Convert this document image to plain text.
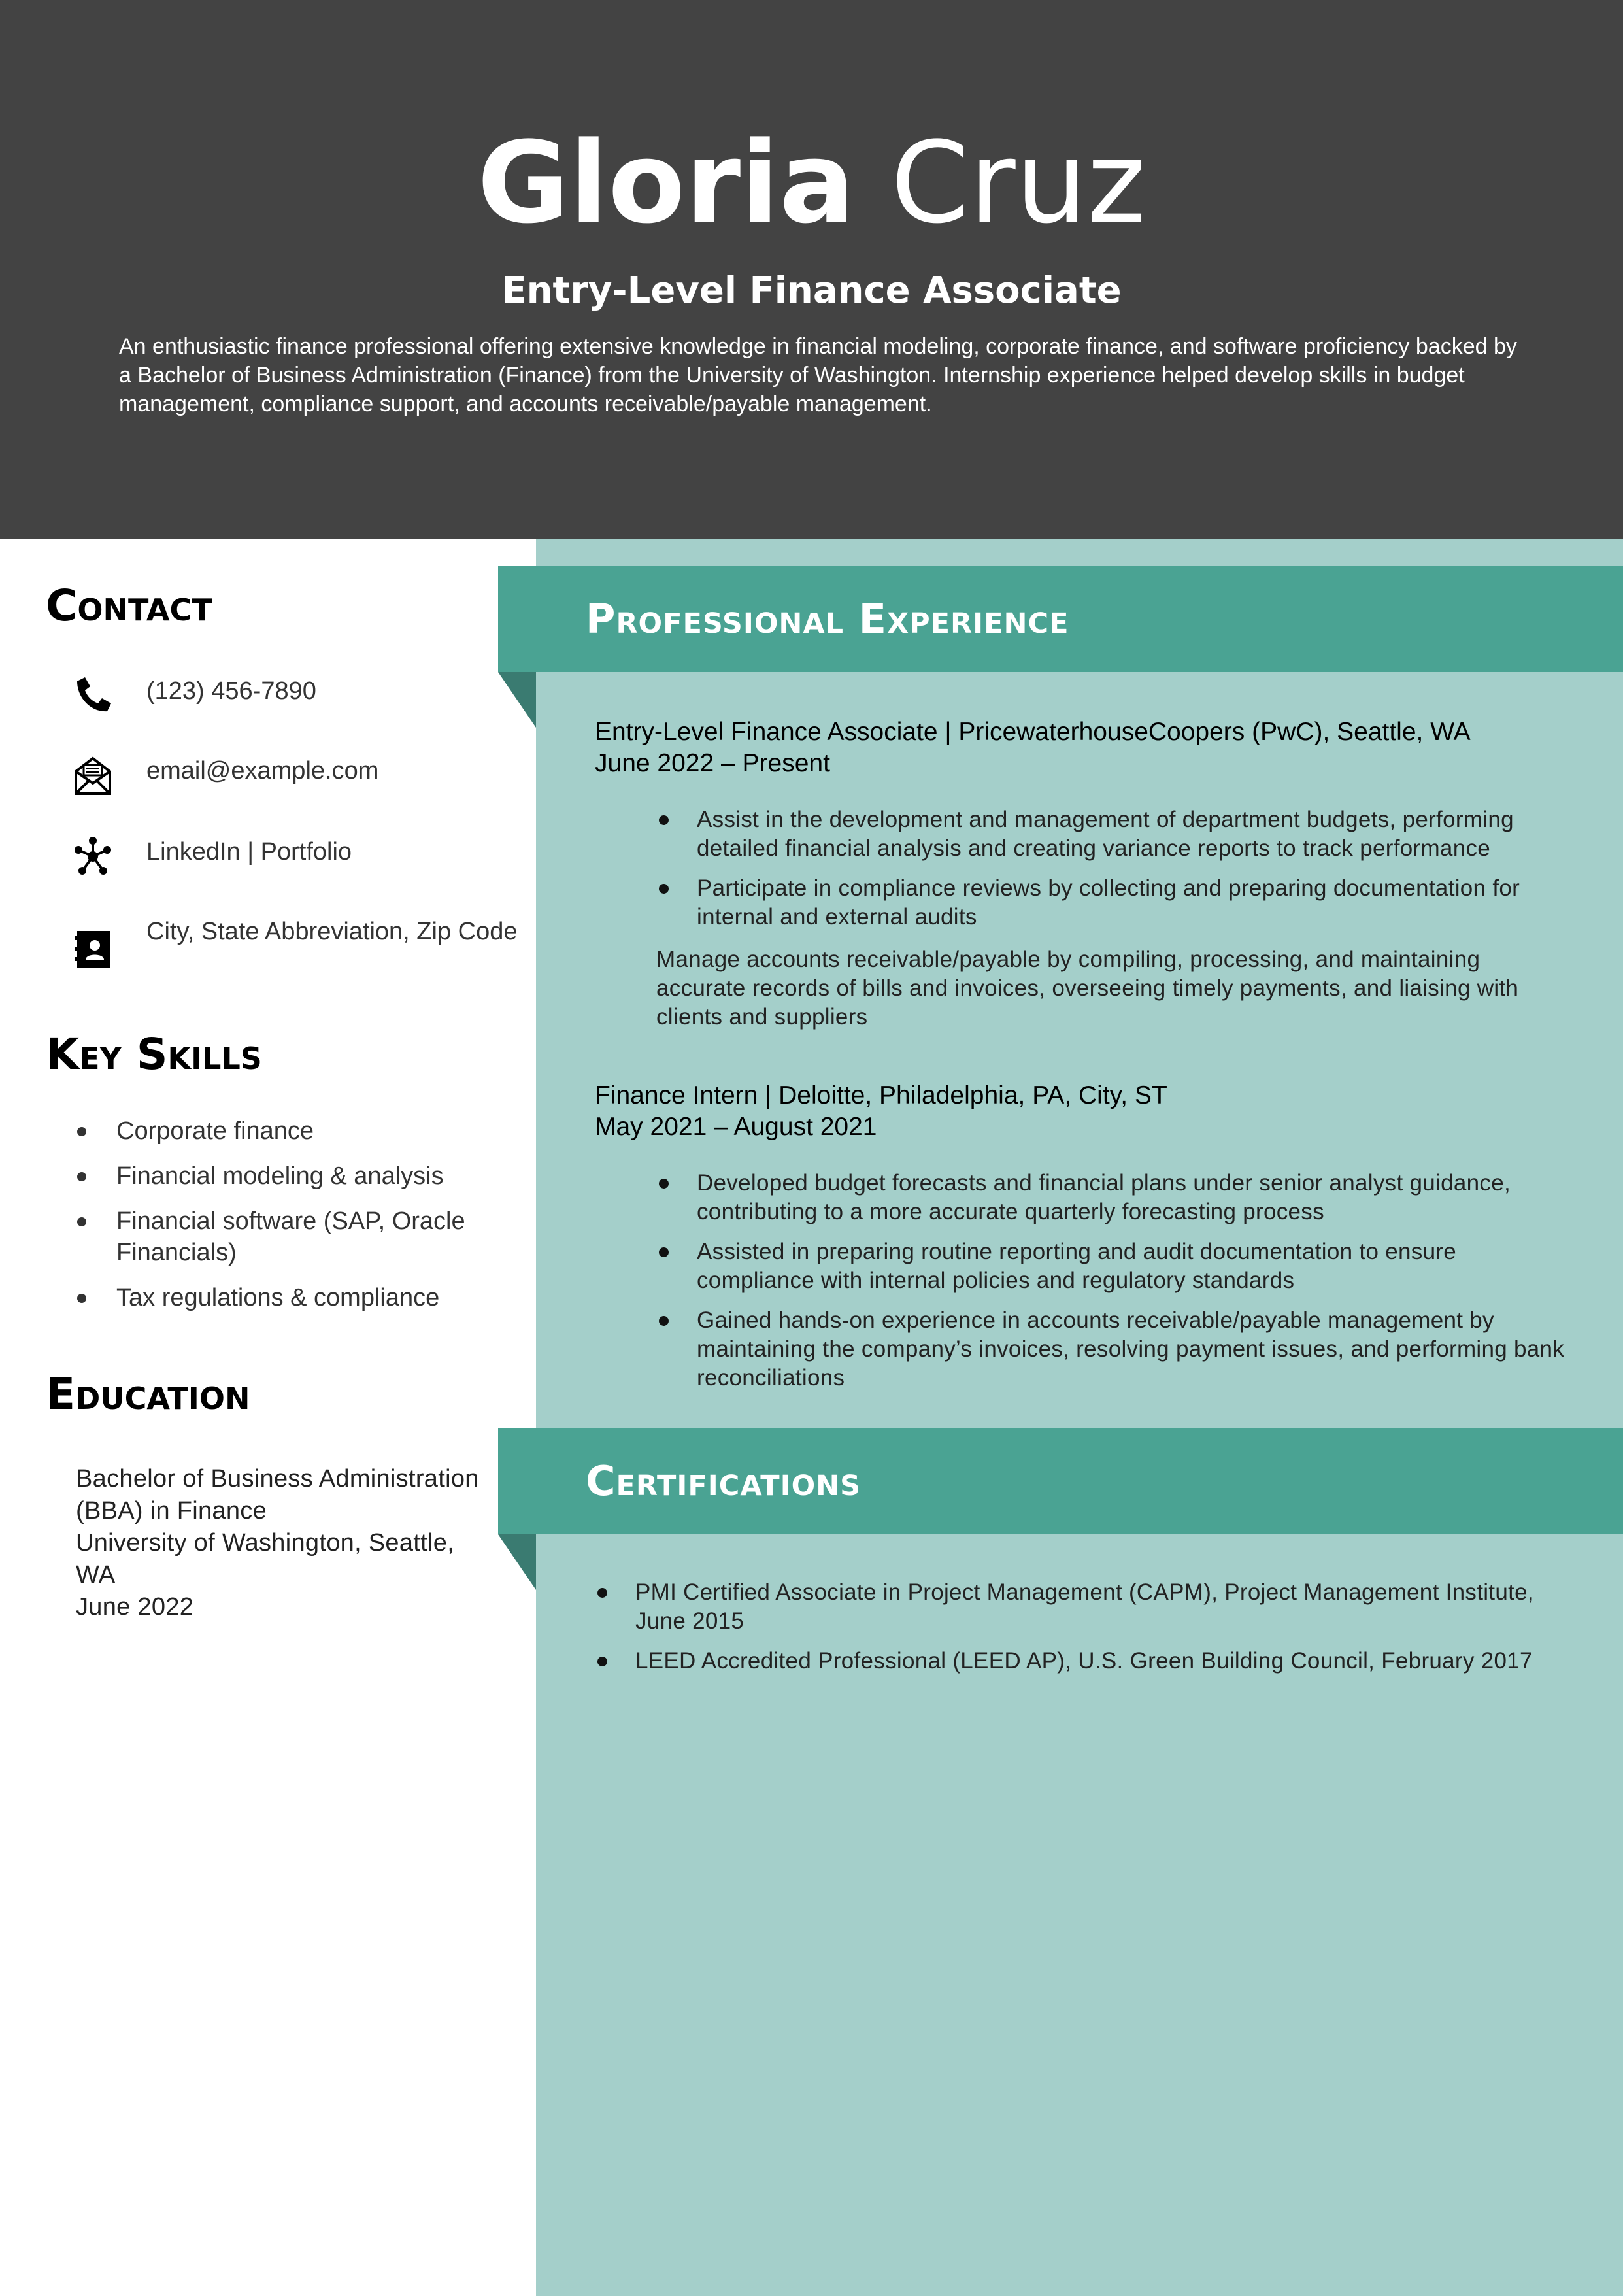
Gloria Cruz
Entry-Level Finance Associate
An enthusiastic finance professional offering extensive knowledge in financial modeling, corporate finance, and software proficiency backed by a Bachelor of Business Administration (Finance) from the University of Washington. Internship experience helped develop skills in budget management, compliance support, and accounts receivable/payable management.
Professional Experience
Entry-Level Finance Associate | PricewaterhouseCoopers (PwC), Seattle, WA
June 2022 – Present
Assist in the development and management of department budgets, performing detailed financial analysis and creating variance reports to track performance
Participate in compliance reviews by collecting and preparing documentation for internal and external audits
Manage accounts receivable/payable by compiling, processing, and maintaining accurate records of bills and invoices, overseeing timely payments, and liaising with clients and suppliers
Finance Intern | Deloitte, Philadelphia, PA, City, ST
May 2021 – August 2021
Developed budget forecasts and financial plans under senior analyst guidance, contributing to a more accurate quarterly forecasting process
Assisted in preparing routine reporting and audit documentation to ensure compliance with internal policies and regulatory standards
Gained hands-on experience in accounts receivable/payable management by maintaining the company’s invoices, resolving payment issues, and performing bank reconciliations
Certifications
PMI Certified Associate in Project Management (CAPM), Project Management Institute, June 2015
LEED Accredited Professional (LEED AP), U.S. Green Building Council, February 2017
Contact
(123) 456-7890
email@example.com
LinkedIn | Portfolio
City, State Abbreviation, Zip Code
Key Skills
Corporate finance
Financial modeling & analysis
Financial software (SAP, Oracle Financials)
Tax regulations & compliance
Education
Bachelor of Business Administration (BBA) in Finance
University of Washington, Seattle, WA
June 2022
